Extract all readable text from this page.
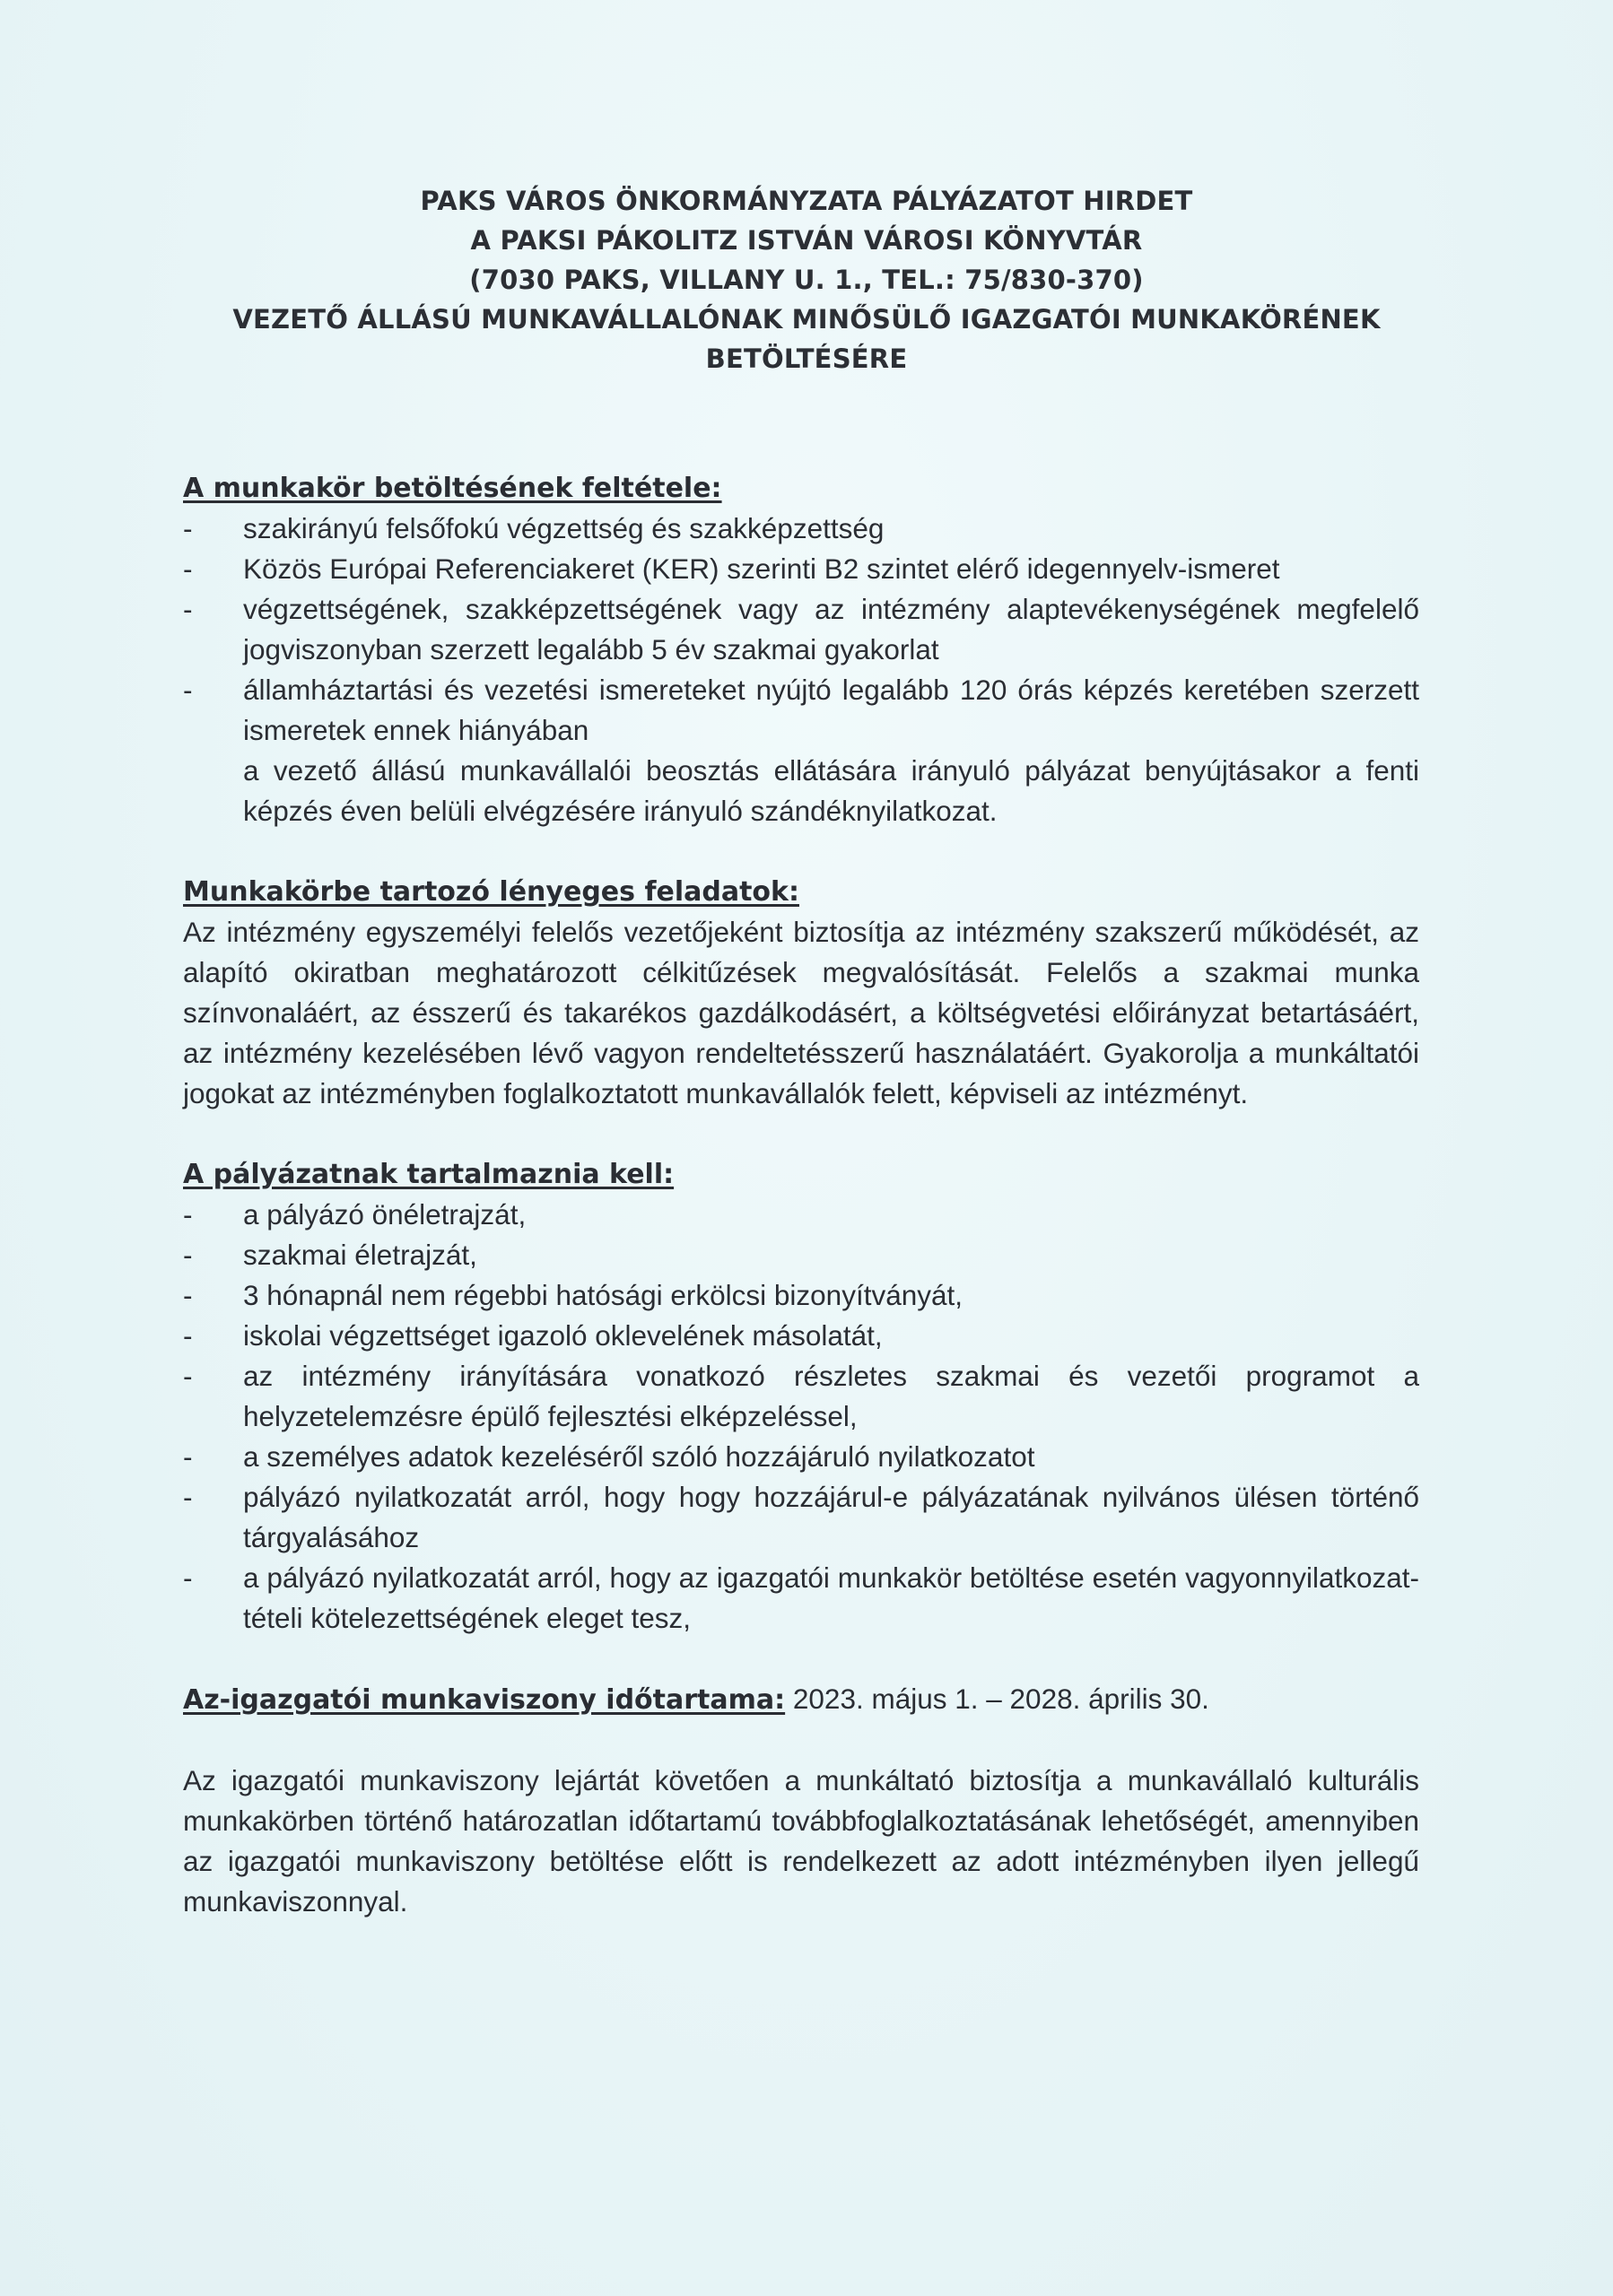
PAKS VÁROS ÖNKORMÁNYZATA PÁLYÁZATOT HIRDET
A PAKSI PÁKOLITZ ISTVÁN VÁROSI KÖNYVTÁR
(7030 PAKS, VILLANY U. 1., TEL.: 75/830-370)
VEZETŐ ÁLLÁSÚ MUNKAVÁLLALÓNAK MINŐSÜLŐ IGAZGATÓI MUNKAKÖRÉNEK
BETÖLTÉSÉRE
A munkakör betöltésének feltétele:
- szakirányú felsőfokú végzettség és szakképzettség
- Közös Európai Referenciakeret (KER) szerinti B2 szintet elérő idegennyelv-ismeret
- végzettségének, szakképzettségének vagy az intézmény alaptevékenységének megfelelő jogviszonyban szerzett legalább 5 év szakmai gyakorlat
- államháztartási és vezetési ismereteket nyújtó legalább 120 órás képzés keretében szerzett ismeretek ennek hiányában
a vezető állású munkavállalói beosztás ellátására irányuló pályázat benyújtásakor a fenti képzés éven belüli elvégzésére irányuló szándéknyilatkozat.
Munkakörbe tartozó lényeges feladatok:

Az intézmény egyszemélyi felelős vezetőjeként biztosítja az intézmény szakszerű működését, az alapító okiratban meghatározott célkitűzések megvalósítását. Felelős a szakmai munka színvonaláért, az ésszerű és takarékos gazdálkodásért, a költségvetési előirányzat betartásáért, az intézmény kezelésében lévő vagyon rendeltetésszerű használatáért. Gyakorolja a munkáltatói jogokat az intézményben foglalkoztatott munkavállalók felett, képviseli az intézményt.

A pályázatnak tartalmaznia kell:
- a pályázó önéletrajzát,
- szakmai életrajzát,
- 3 hónapnál nem régebbi hatósági erkölcsi bizonyítványát,
- iskolai végzettséget igazoló oklevelének másolatát,
- az intézmény irányítására vonatkozó részletes szakmai és vezetői programot a helyzetelemzésre épülő fejlesztési elképzeléssel,
- a személyes adatok kezeléséről szóló hozzájáruló nyilatkozatot
- pályázó nyilatkozatát arról, hogy hogy hozzájárul-e pályázatának nyilvános ülésen történő tárgyalásához
- a pályázó nyilatkozatát arról, hogy az igazgatói munkakör betöltése esetén vagyonnyilatkozat-tételi kötelezettségének eleget tesz,
Az-igazgatói munkaviszony időtartama: 2023. május 1. – 2028. április 30.

Az igazgatói munkaviszony lejártát követően a munkáltató biztosítja a munkavállaló kulturális munkakörben történő határozatlan időtartamú továbbfoglalkoztatásának lehetőségét, amennyiben az igazgatói munkaviszony betöltése előtt is rendelkezett az adott intézményben ilyen jellegű munkaviszonnyal.
